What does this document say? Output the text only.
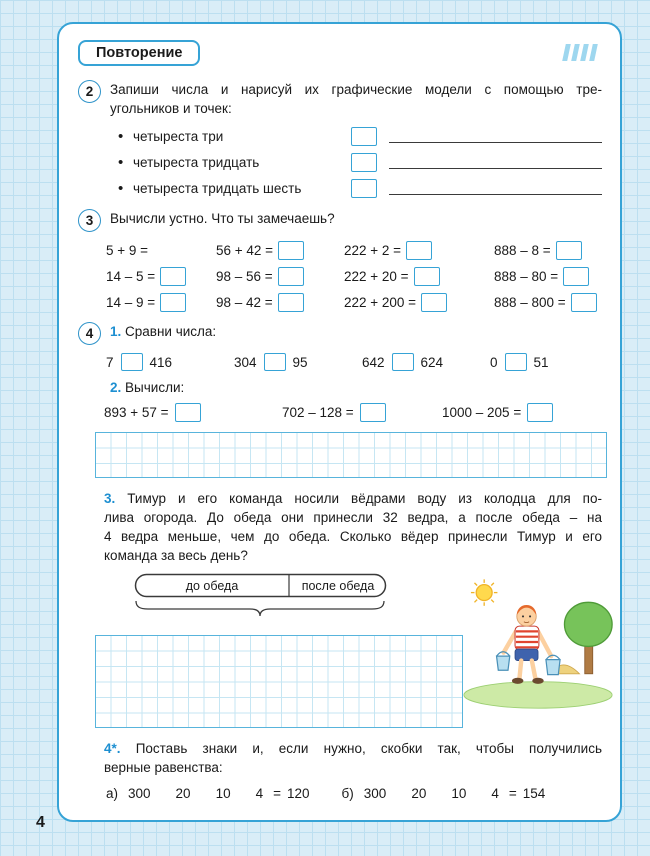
Повторение
2	Запиши числа и нарисуй их графические модели с помощью тре-
угольников и точек:
• четыреста три
• четыреста тридцать
• четыреста тридцать шесть
3	Вычисли устно. Что ты замечаешь?
5 + 9 =	56 + 42 =	222 + 2 =	888 – 8 =
14 – 5 =	98 – 56 =	222 + 20 =	888 – 80 =
14 – 9 =	98 – 42 =	222 + 200 =	888 – 800 =
4	1. Сравни числа:
7	416	304	95	642	624	0	51
2. Вычисли:
893 + 57 =	702 – 128 =	1000 – 205 =
3. Тимур и его команда носили вёдрами воду из колодца для по-
лива огорода. До обеда они принесли 32 ведра, а после обеда – на
4 ведра меньше, чем до обеда. Сколько вёдер принесли Тимур и его
команда за весь день?
до обеда	после обеда
4*. Поставь знаки и, если нужно, скобки так, чтобы получились
верные равенства:
а) 300 20 10 4 = 120 б) 300 20 10 4 = 154
4
